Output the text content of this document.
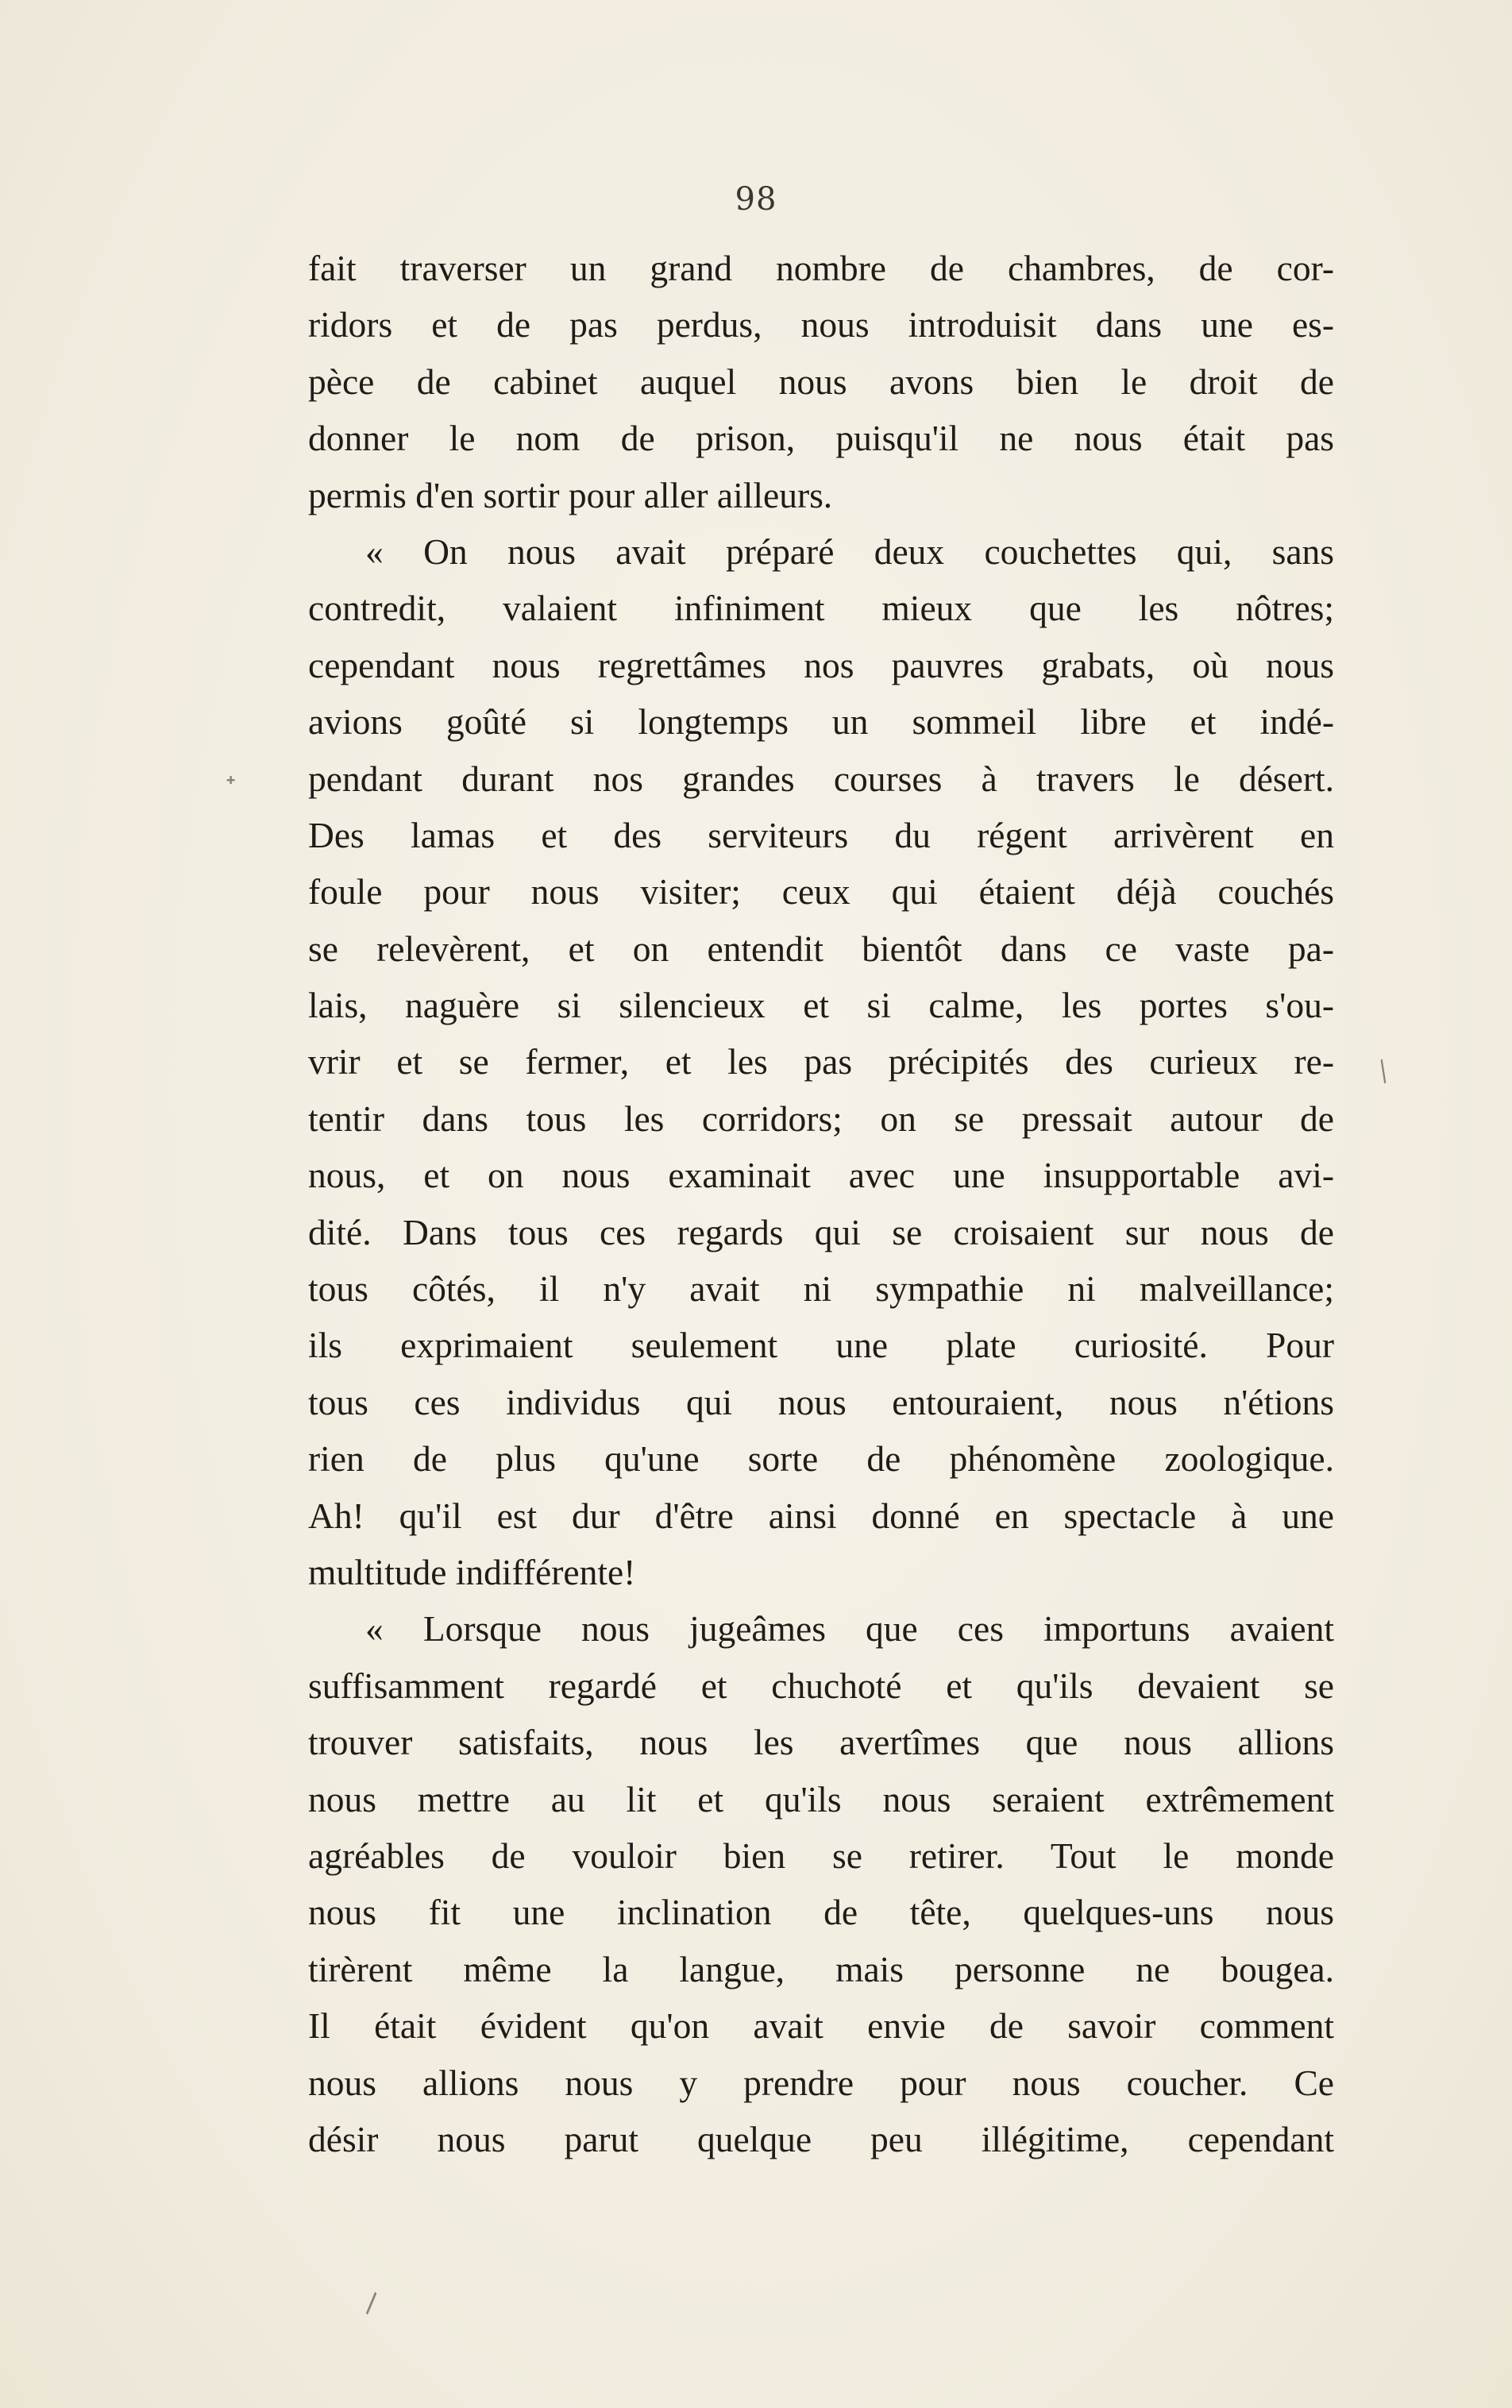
98
fait traverser un grand nombre de chambres, de cor-
ridors et de pas perdus, nous introduisit dans une es-
pèce de cabinet auquel nous avons bien le droit de
donner le nom de prison, puisqu'il ne nous était pas
permis d'en sortir pour aller ailleurs.
« On nous avait préparé deux couchettes qui, sans
contredit, valaient infiniment mieux que les nôtres;
cependant nous regrettâmes nos pauvres grabats, où nous
avions goûté si longtemps un sommeil libre et indé-
pendant durant nos grandes courses à travers le désert.
Des lamas et des serviteurs du régent arrivèrent en
foule pour nous visiter; ceux qui étaient déjà couchés
se relevèrent, et on entendit bientôt dans ce vaste pa-
lais, naguère si silencieux et si calme, les portes s'ou-
vrir et se fermer, et les pas précipités des curieux re-
tentir dans tous les corridors; on se pressait autour de
nous, et on nous examinait avec une insupportable avi-
dité. Dans tous ces regards qui se croisaient sur nous de
tous côtés, il n'y avait ni sympathie ni malveillance;
ils exprimaient seulement une plate curiosité. Pour
tous ces individus qui nous entouraient, nous n'étions
rien de plus qu'une sorte de phénomène zoologique.
Ah! qu'il est dur d'être ainsi donné en spectacle à une
multitude indifférente!
« Lorsque nous jugeâmes que ces importuns avaient
suffisamment regardé et chuchoté et qu'ils devaient se
trouver satisfaits, nous les avertîmes que nous allions
nous mettre au lit et qu'ils nous seraient extrêmement
agréables de vouloir bien se retirer. Tout le monde
nous fit une inclination de tête, quelques-uns nous
tirèrent même la langue, mais personne ne bougea.
Il était évident qu'on avait envie de savoir comment
nous allions nous y prendre pour nous coucher. Ce
désir nous parut quelque peu illégitime, cependant
˖
⁄
\
